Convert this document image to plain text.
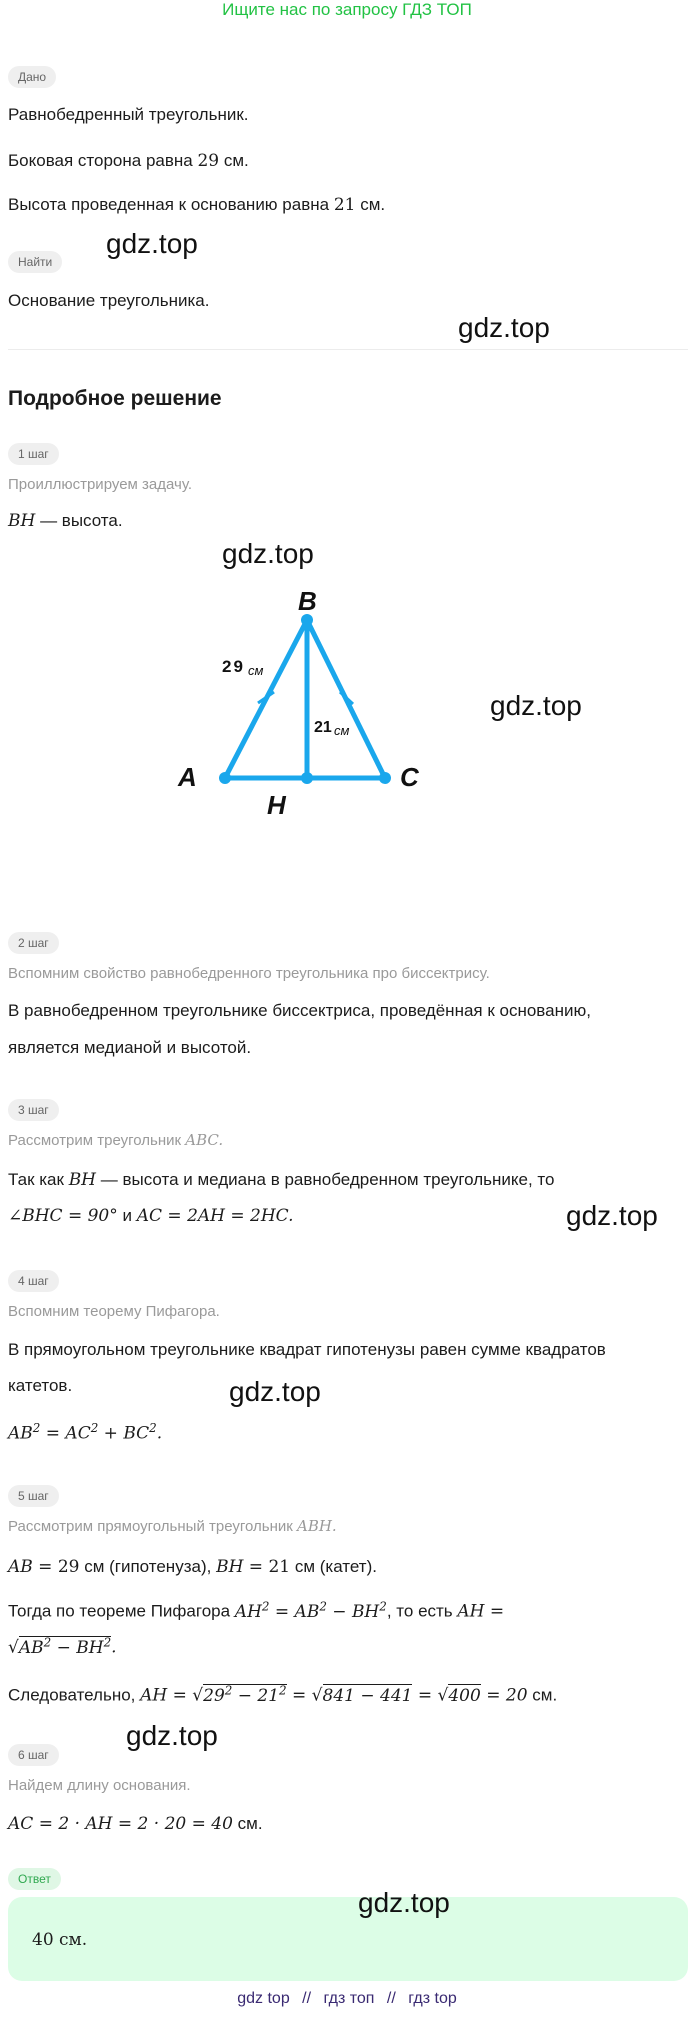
Ищите нас по запросу ГДЗ ТОП
Дано
Равнобедренный треугольник.
Боковая сторона равна 29 см.
Высота проведенная к основанию равна 21 см.
Найти
gdz.top
Основание треугольника.
gdz.top
Подробное решение
1 шаг
Проиллюстрируем задачу.
BH — высота.
gdz.top
gdz.top
B
A	C
H
29 см
21 см
2 шаг
Вспомним свойство равнобедренного треугольника про биссектрису.
В равнобедренном треугольнике биссектриса, проведённая к основанию,
является медианой и высотой.
3 шаг
Рассмотрим треугольник ABC.
Так как BH — высота и медиана в равнобедренном треугольнике, то
∠BHC = 90° и AC = 2AH = 2HC.	gdz.top
4 шаг
Вспомним теорему Пифагора.
В прямоугольном треугольнике квадрат гипотенузы равен сумме квадратов
катетов.	gdz.top
$AB^2 = AC^2 + BC^2$.
5 шаг
Рассмотрим прямоугольный треугольник ABH.
AB = 29 см (гипотенуза), BH = 21 см (катет).
Тогда по теореме Пифагора $AH^2 = AB^2 - BH^2$, то есть AH =
$√AB^2 - BH^2$.
Следовательно, AH = $√29^2 - 21^2 = √841 - 441 = √400 = 20$ см.
gdz.top
6 шаг
Найдем длину основания.
AC = 2 · AH = 2 · 20 = 40 см.
Ответ
gdz.top
40 см.
gdz top // гдз топ // гдз top
